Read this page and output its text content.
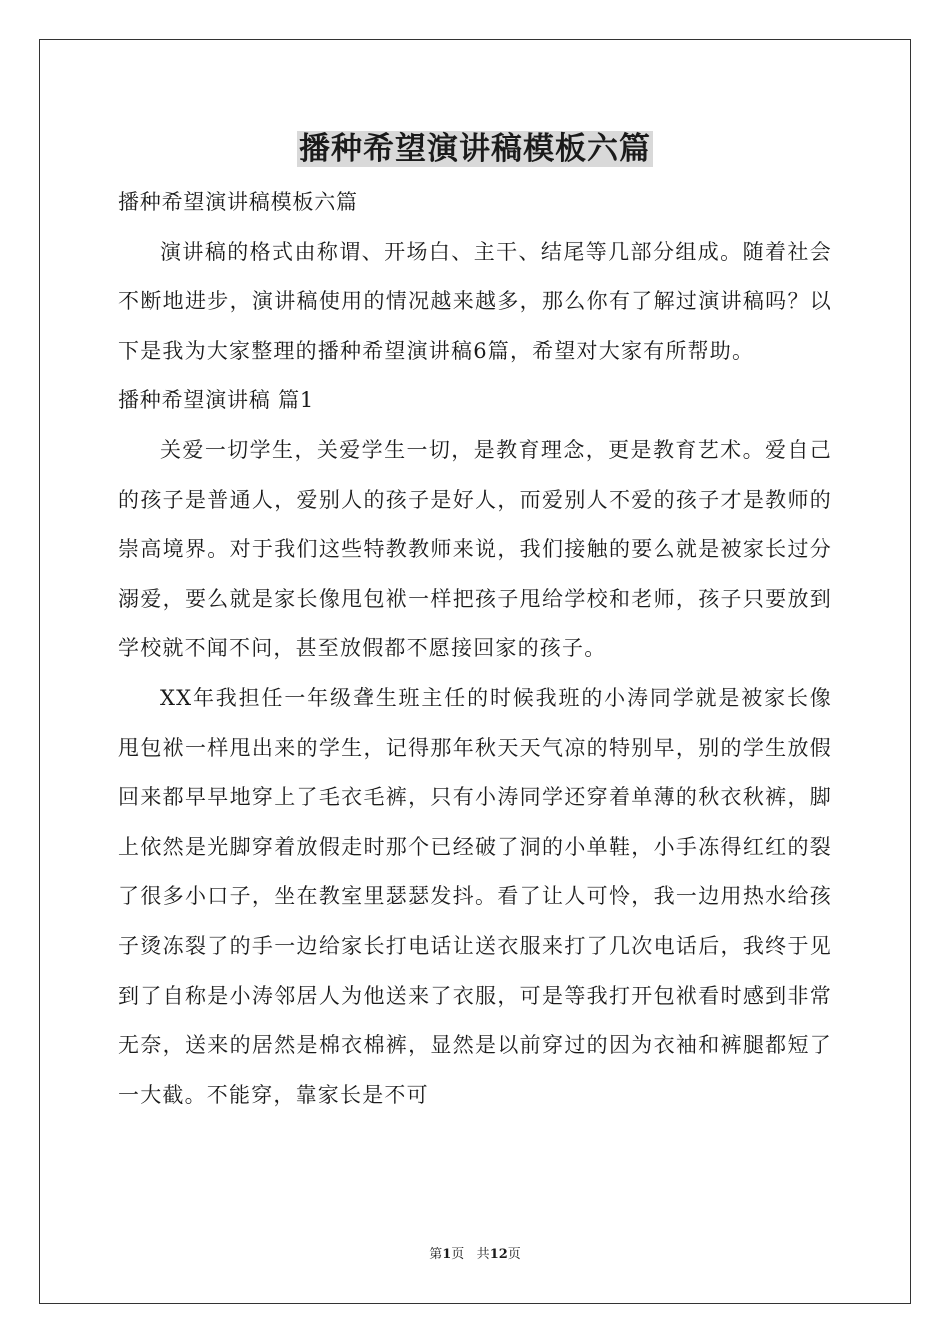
播种希望演讲稿模板六篇

播种希望演讲稿模板六篇

演讲稿的格式由称谓、开场白、主干、结尾等几部分组成。随着社会不断地进步，演讲稿使用的情况越来越多，那么你有了解过演讲稿吗？以下是我为大家整理的播种希望演讲稿6篇，希望对大家有所帮助。

播种希望演讲稿 篇1

关爱一切学生，关爱学生一切，是教育理念，更是教育艺术。爱自己的孩子是普通人，爱别人的孩子是好人，而爱别人不爱的孩子才是教师的崇高境界。对于我们这些特教教师来说，我们接触的要么就是被家长过分溺爱，要么就是家长像甩包袱一样把孩子甩给学校和老师，孩子只要放到学校就不闻不问，甚至放假都不愿接回家的孩子。

XX年我担任一年级聋生班主任的时候我班的小涛同学就是被家长像甩包袱一样甩出来的学生，记得那年秋天天气凉的特别早，别的学生放假回来都早早地穿上了毛衣毛裤，只有小涛同学还穿着单薄的秋衣秋裤，脚上依然是光脚穿着放假走时那个已经破了洞的小单鞋，小手冻得红红的裂了很多小口子，坐在教室里瑟瑟发抖。看了让人可怜，我一边用热水给孩子烫冻裂了的手一边给家长打电话让送衣服来打了几次电话后，我终于见到了自称是小涛邻居人为他送来了衣服，可是等我打开包袱看时感到非常无奈，送来的居然是棉衣棉裤，显然是以前穿过的因为衣袖和裤腿都短了一大截。不能穿，靠家长是不可

第1页 共12页
